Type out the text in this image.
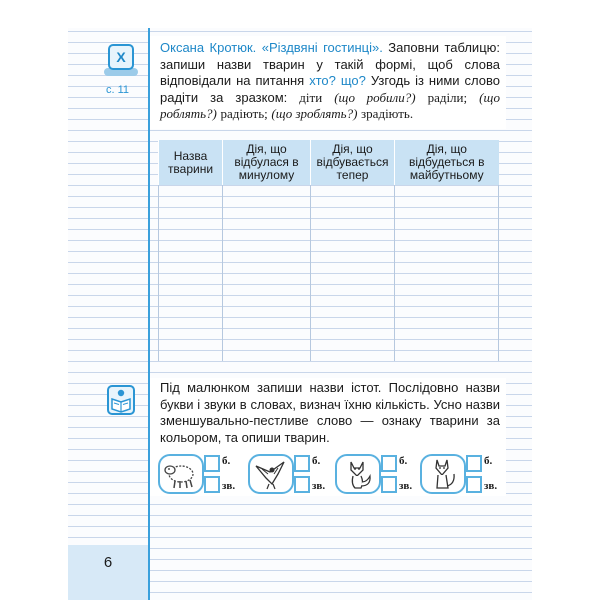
6
X
с. 11
Оксана Кротюк. «Різдвяні гостинці». Заповни таблицю: запиши назви тварин у такій формі, щоб слова відповідали на питання хто? що? Узгодь із ними слово радіти за зразком: діти (що робили?) раділи; (що роблять?) радіють; (що зроблять?) зрадіють.
Назва тварини	Дія, що відбулася в минулому	Дія, що відбувається тепер	Дія, що відбудеться в майбутньому

Під малюнком запиши назви істот. Послідовно назви букви і звуки в словах, визнач їхню кількість. Усно назви зменшувально-пестливе слово — ознаку тварини за кольором, та опиши тварин.
б.
зв.
б.
зв.
б.
зв.
б.
зв.
